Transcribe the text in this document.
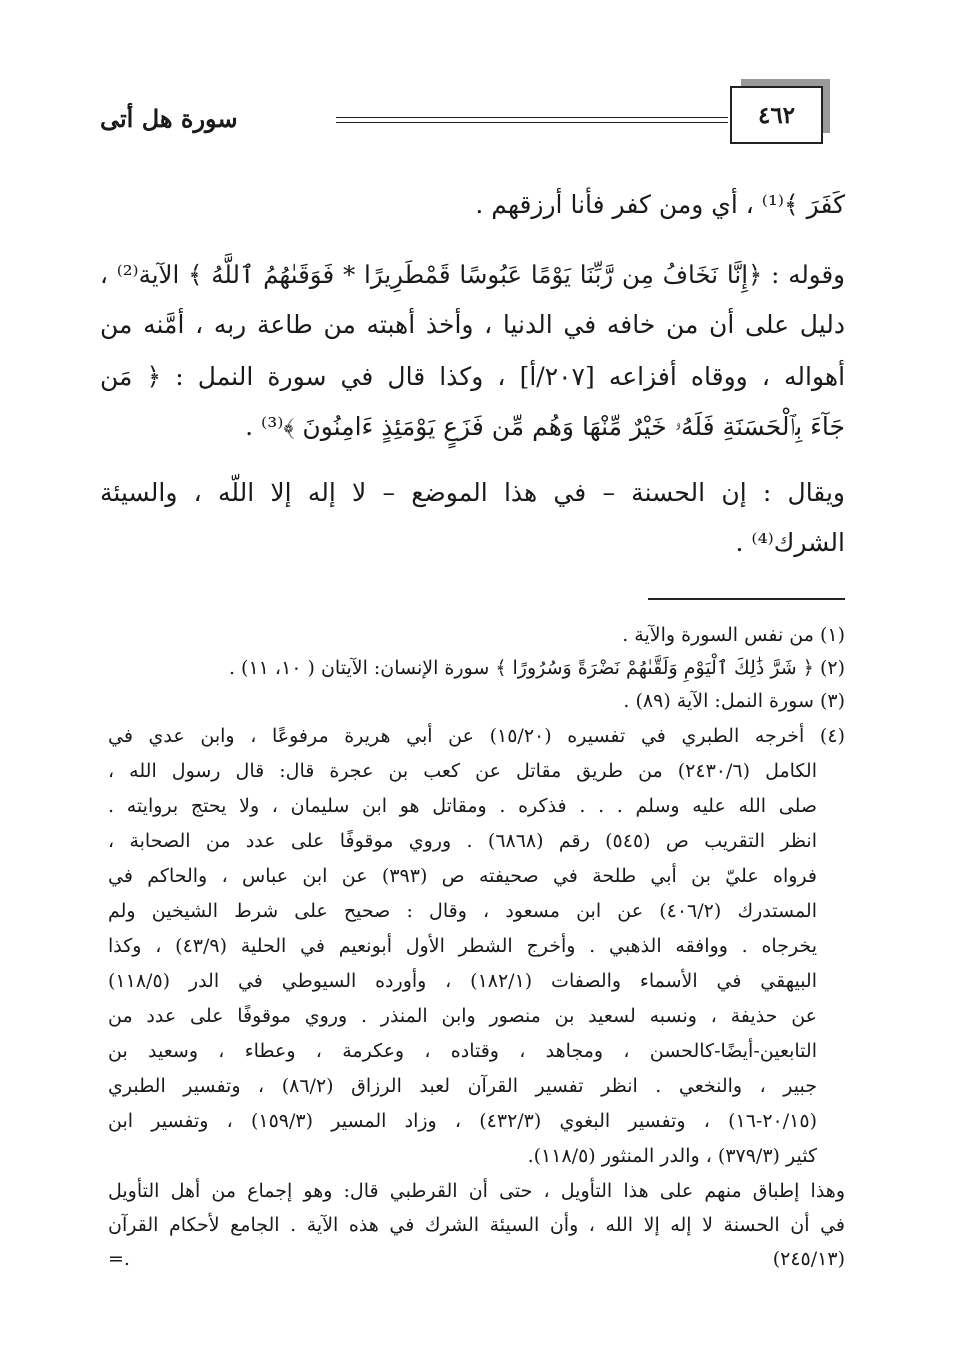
٤٦٢
سورة هل أتى
كَفَرَ ﴾⁽¹⁾ ، أي ومن كفر فأنا أرزقهم .
وقوله : ﴿إِنَّا نَخَافُ مِن رَّبِّنَا يَوْمًا عَبُوسًا قَمْطَرِيرًا * فَوَقَىٰهُمُ ٱللَّهُ ﴾ الآية⁽²⁾ ،
دليل على أن من خافه في الدنيا ، وأخذ أهبته من طاعة ربه ، أمَّنه من
أهواله ، ووقاه أفزاعه [٢٠٧/أ] ، وكذا قال في سورة النمل : ﴿ مَن
جَآءَ بِٱلْحَسَنَةِ فَلَهُۥ خَيْرٌ مِّنْهَا وَهُم مِّن فَزَعٍ يَوْمَئِذٍ ءَامِنُونَ ﴾⁽³⁾ .
ويقال : إن الحسنة – في هذا الموضع – لا إله إلا اللّه ، والسيئة
الشرك⁽⁴⁾ .
(١) من نفس السورة والآية .
(٢) ﴿ شَرَّ ذَٰلِكَ ٱلْيَوْمِ وَلَقَّىٰهُمْ نَضْرَةً وَسُرُورًا ﴾ سورة الإنسان: الآيتان ( ١٠، ١١) .
(٣) سورة النمل: الآية (٨٩) .
(٤) أخرجه الطبري في تفسيره (١٥/٢٠) عن أبي هريرة مرفوعًا ، وابن عدي في
الكامل (٢٤٣٠/٦) من طريق مقاتل عن كعب بن عجرة قال: قال رسول الله ،
صلى الله عليه وسلم . . . فذكره . ومقاتل هو ابن سليمان ، ولا يحتج بروايته .
انظر التقريب ص (٥٤٥) رقم (٦٨٦٨) . وروي موقوفًا على عدد من الصحابة ،
فرواه عليّ بن أبي طلحة في صحيفته ص (٣٩٣) عن ابن عباس ، والحاكم في
المستدرك (٤٠٦/٢) عن ابن مسعود ، وقال : صحيح على شرط الشيخين ولم
يخرجاه . ووافقه الذهبي . وأخرج الشطر الأول أبونعيم في الحلية (٤٣/٩) ، وكذا
البيهقي في الأسماء والصفات (١٨٢/١) ، وأورده السيوطي في الدر (١١٨/٥)
عن حذيفة ، ونسبه لسعيد بن منصور وابن المنذر . وروي موقوفًا على عدد من
التابعين-أيضًا-كالحسن ، ومجاهد ، وقتاده ، وعكرمة ، وعطاء ، وسعيد بن
جبير ، والنخعي . انظر تفسير القرآن لعبد الرزاق (٨٦/٢) ، وتفسير الطبري
(٢٠/١٥-١٦) ، وتفسير البغوي (٤٣٢/٣) ، وزاد المسير (١٥٩/٣) ، وتفسير ابن
كثير (٣٧٩/٣) ، والدر المنثور (١١٨/٥).
وهذا إطباق منهم على هذا التأويل ، حتى أن القرطبي قال: وهو إجماع من أهل التأويل
في أن الحسنة لا إله إلا الله ، وأن السيئة الشرك في هذه الآية . الجامع لأحكام القرآن
(٢٤٥/١٣) .=
